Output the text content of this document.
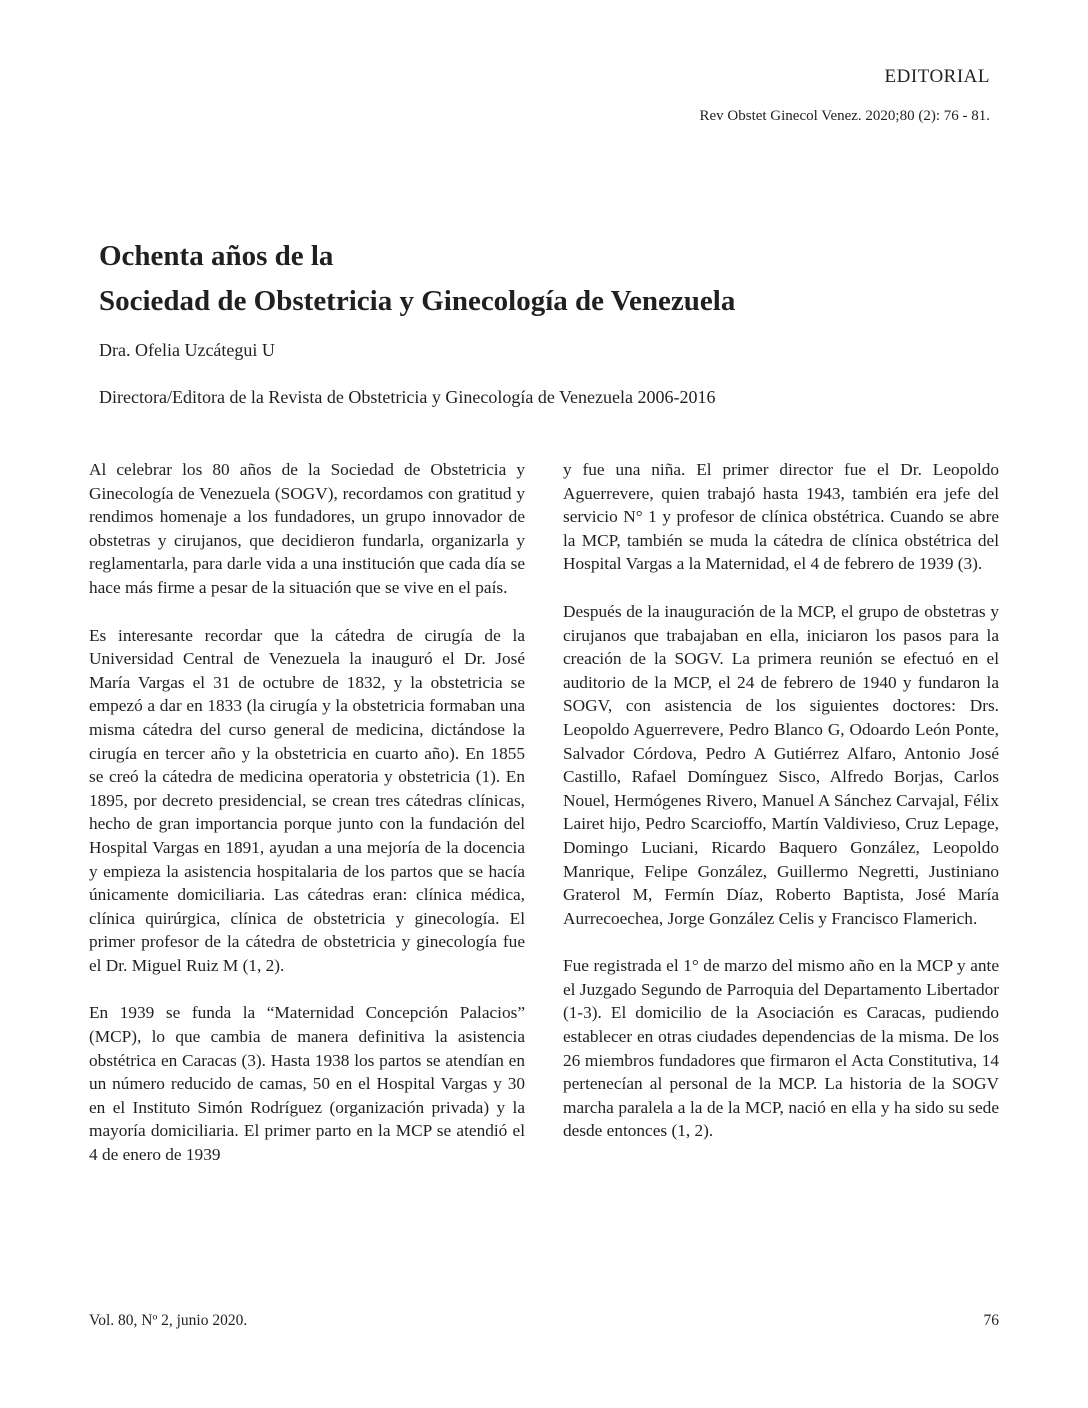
EDITORIAL
Rev Obstet Ginecol Venez. 2020;80 (2): 76 - 81.
Ochenta años de la
Sociedad de Obstetricia y Ginecología de Venezuela
Dra. Ofelia Uzcátegui U
Directora/Editora de la Revista de Obstetricia y Ginecología de Venezuela 2006-2016

Al celebrar los 80 años de la Sociedad de Obstetricia y Ginecología de Venezuela (SOGV), recordamos con gratitud y rendimos homenaje a los fundadores, un grupo innovador de obstetras y cirujanos, que decidieron fundarla, organizarla y reglamentarla, para darle vida a una institución que cada día se hace más firme a pesar de la situación que se vive en el país.

Es interesante recordar que la cátedra de cirugía de la Universidad Central de Venezuela la inauguró el Dr. José María Vargas el 31 de octubre de 1832, y la obstetricia se empezó a dar en 1833 (la cirugía y la obstetricia formaban una misma cátedra del curso general de medicina, dictándose la cirugía en tercer año y la obstetricia en cuarto año). En 1855 se creó la cátedra de medicina operatoria y obstetricia (1). En 1895, por decreto presidencial, se crean tres cátedras clínicas, hecho de gran importancia porque junto con la fundación del Hospital Vargas en 1891, ayudan a una mejoría de la docencia y empieza la asistencia hospitalaria de los partos que se hacía únicamente domiciliaria. Las cátedras eran: clínica médica, clínica quirúrgica, clínica de obstetricia y ginecología. El primer profesor de la cátedra de obstetricia y ginecología fue el Dr. Miguel Ruiz M (1, 2).

En 1939 se funda la “Maternidad Concepción Palacios” (MCP), lo que cambia de manera definitiva la asistencia obstétrica en Caracas (3). Hasta 1938 los partos se atendían en un número reducido de camas, 50 en el Hospital Vargas y 30 en el Instituto Simón Rodríguez (organización privada) y la mayoría domiciliaria. El primer parto en la MCP se atendió el 4 de enero de 1939

y fue una niña. El primer director fue el Dr. Leopoldo Aguerrevere, quien trabajó hasta 1943, también era jefe del servicio N° 1 y profesor de clínica obstétrica. Cuando se abre la MCP, también se muda la cátedra de clínica obstétrica del Hospital Vargas a la Maternidad, el 4 de febrero de 1939 (3).

Después de la inauguración de la MCP, el grupo de obstetras y cirujanos que trabajaban en ella, iniciaron los pasos para la creación de la SOGV. La primera reunión se efectuó en el auditorio de la MCP, el 24 de febrero de 1940 y fundaron la SOGV, con asistencia de los siguientes doctores: Drs. Leopoldo Aguerrevere, Pedro Blanco G, Odoardo León Ponte, Salvador Córdova, Pedro A Gutiérrez Alfaro, Antonio José Castillo, Rafael Domínguez Sisco, Alfredo Borjas, Carlos Nouel, Hermógenes Rivero, Manuel A Sánchez Carvajal, Félix Lairet hijo, Pedro Scarcioffo, Martín Valdivieso, Cruz Lepage, Domingo Luciani, Ricardo Baquero González, Leopoldo Manrique, Felipe González, Guillermo Negretti, Justiniano Graterol M, Fermín Díaz, Roberto Baptista, José María Aurrecoechea, Jorge González Celis y Francisco Flamerich.

Fue registrada el 1° de marzo del mismo año en la MCP y ante el Juzgado Segundo de Parroquia del Departamento Libertador (1-3). El domicilio de la Asociación es Caracas, pudiendo establecer en otras ciudades dependencias de la misma. De los 26 miembros fundadores que firmaron el Acta Constitutiva, 14 pertenecían al personal de la MCP. La historia de la SOGV marcha paralela a la de la MCP, nació en ella y ha sido su sede desde entonces (1, 2).

Vol. 80, Nº 2, junio 2020.	76
